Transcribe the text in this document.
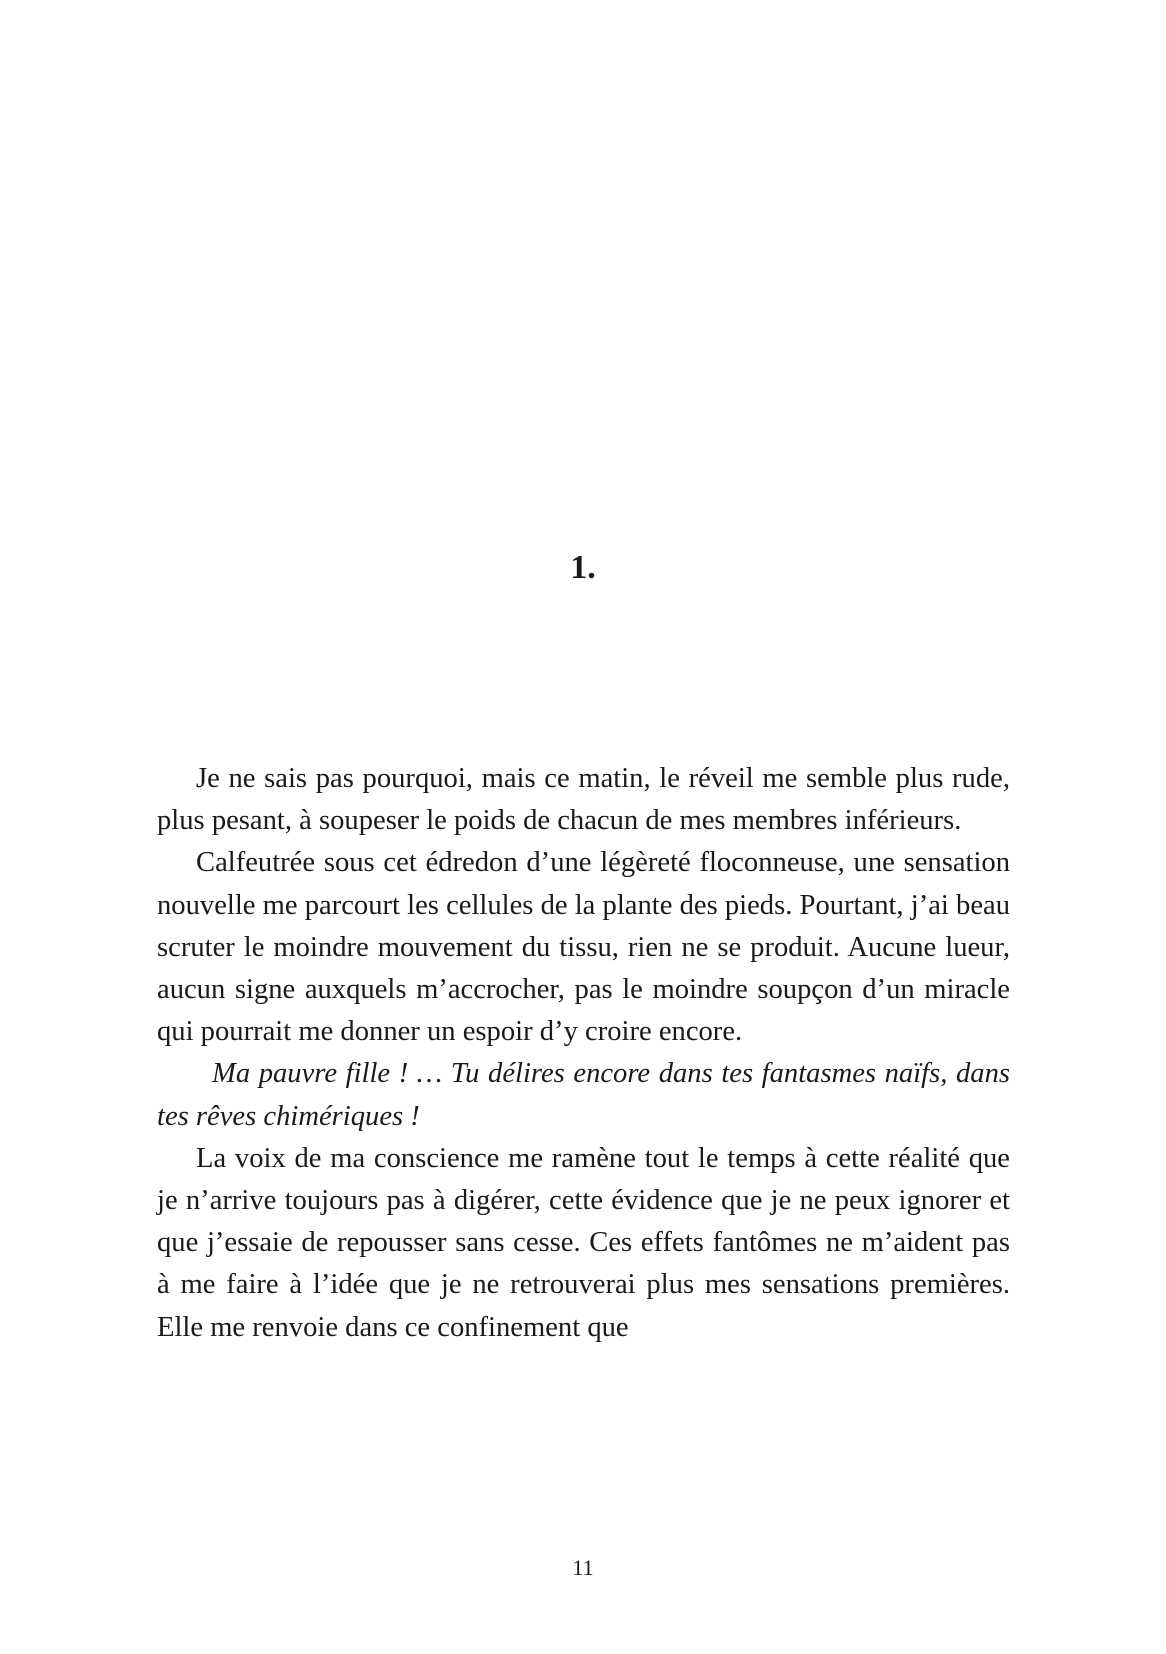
1.

Je ne sais pas pourquoi, mais ce matin, le réveil me semble plus rude, plus pesant, à soupeser le poids de chacun de mes membres inférieurs.

Calfeutrée sous cet édredon d’une légèreté floconneuse, une sensation nouvelle me parcourt les cellules de la plante des pieds. Pourtant, j’ai beau scruter le moindre mouvement du tissu, rien ne se produit. Aucune lueur, aucun signe auxquels m’accrocher, pas le moindre soupçon d’un miracle qui pourrait me donner un espoir d’y croire encore.

Ma pauvre fille ! … Tu délires encore dans tes fantasmes naïfs, dans tes rêves chimériques !

La voix de ma conscience me ramène tout le temps à cette réalité que je n’arrive toujours pas à digérer, cette évidence que je ne peux ignorer et que j’essaie de repousser sans cesse. Ces effets fantômes ne m’aident pas à me faire à l’idée que je ne retrouverai plus mes sensations premières. Elle me renvoie dans ce confinement que

11
